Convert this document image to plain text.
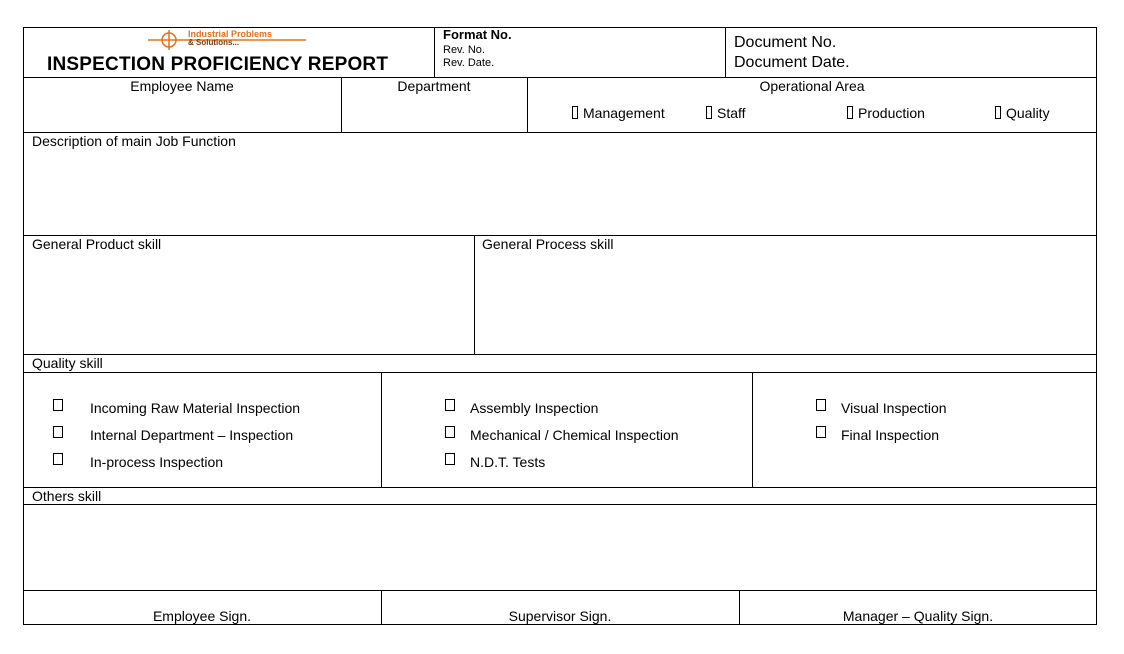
Industrial Problems
& Solutions...
INSPECTION PROFICIENCY REPORT
Format No.
Rev. No.
Rev. Date.
Document No.
Document Date.
Employee Name	Department	Operational Area
Management	Staff	Production	Quality
Description of main Job Function
General Product skill	General Process skill
Quality skill
Incoming Raw Material Inspection
Internal Department – Inspection
In-process Inspection
Assembly Inspection
Mechanical / Chemical Inspection
N.D.T. Tests
Visual Inspection
Final Inspection
Others skill
Employee Sign.	Supervisor Sign.	Manager – Quality Sign.
